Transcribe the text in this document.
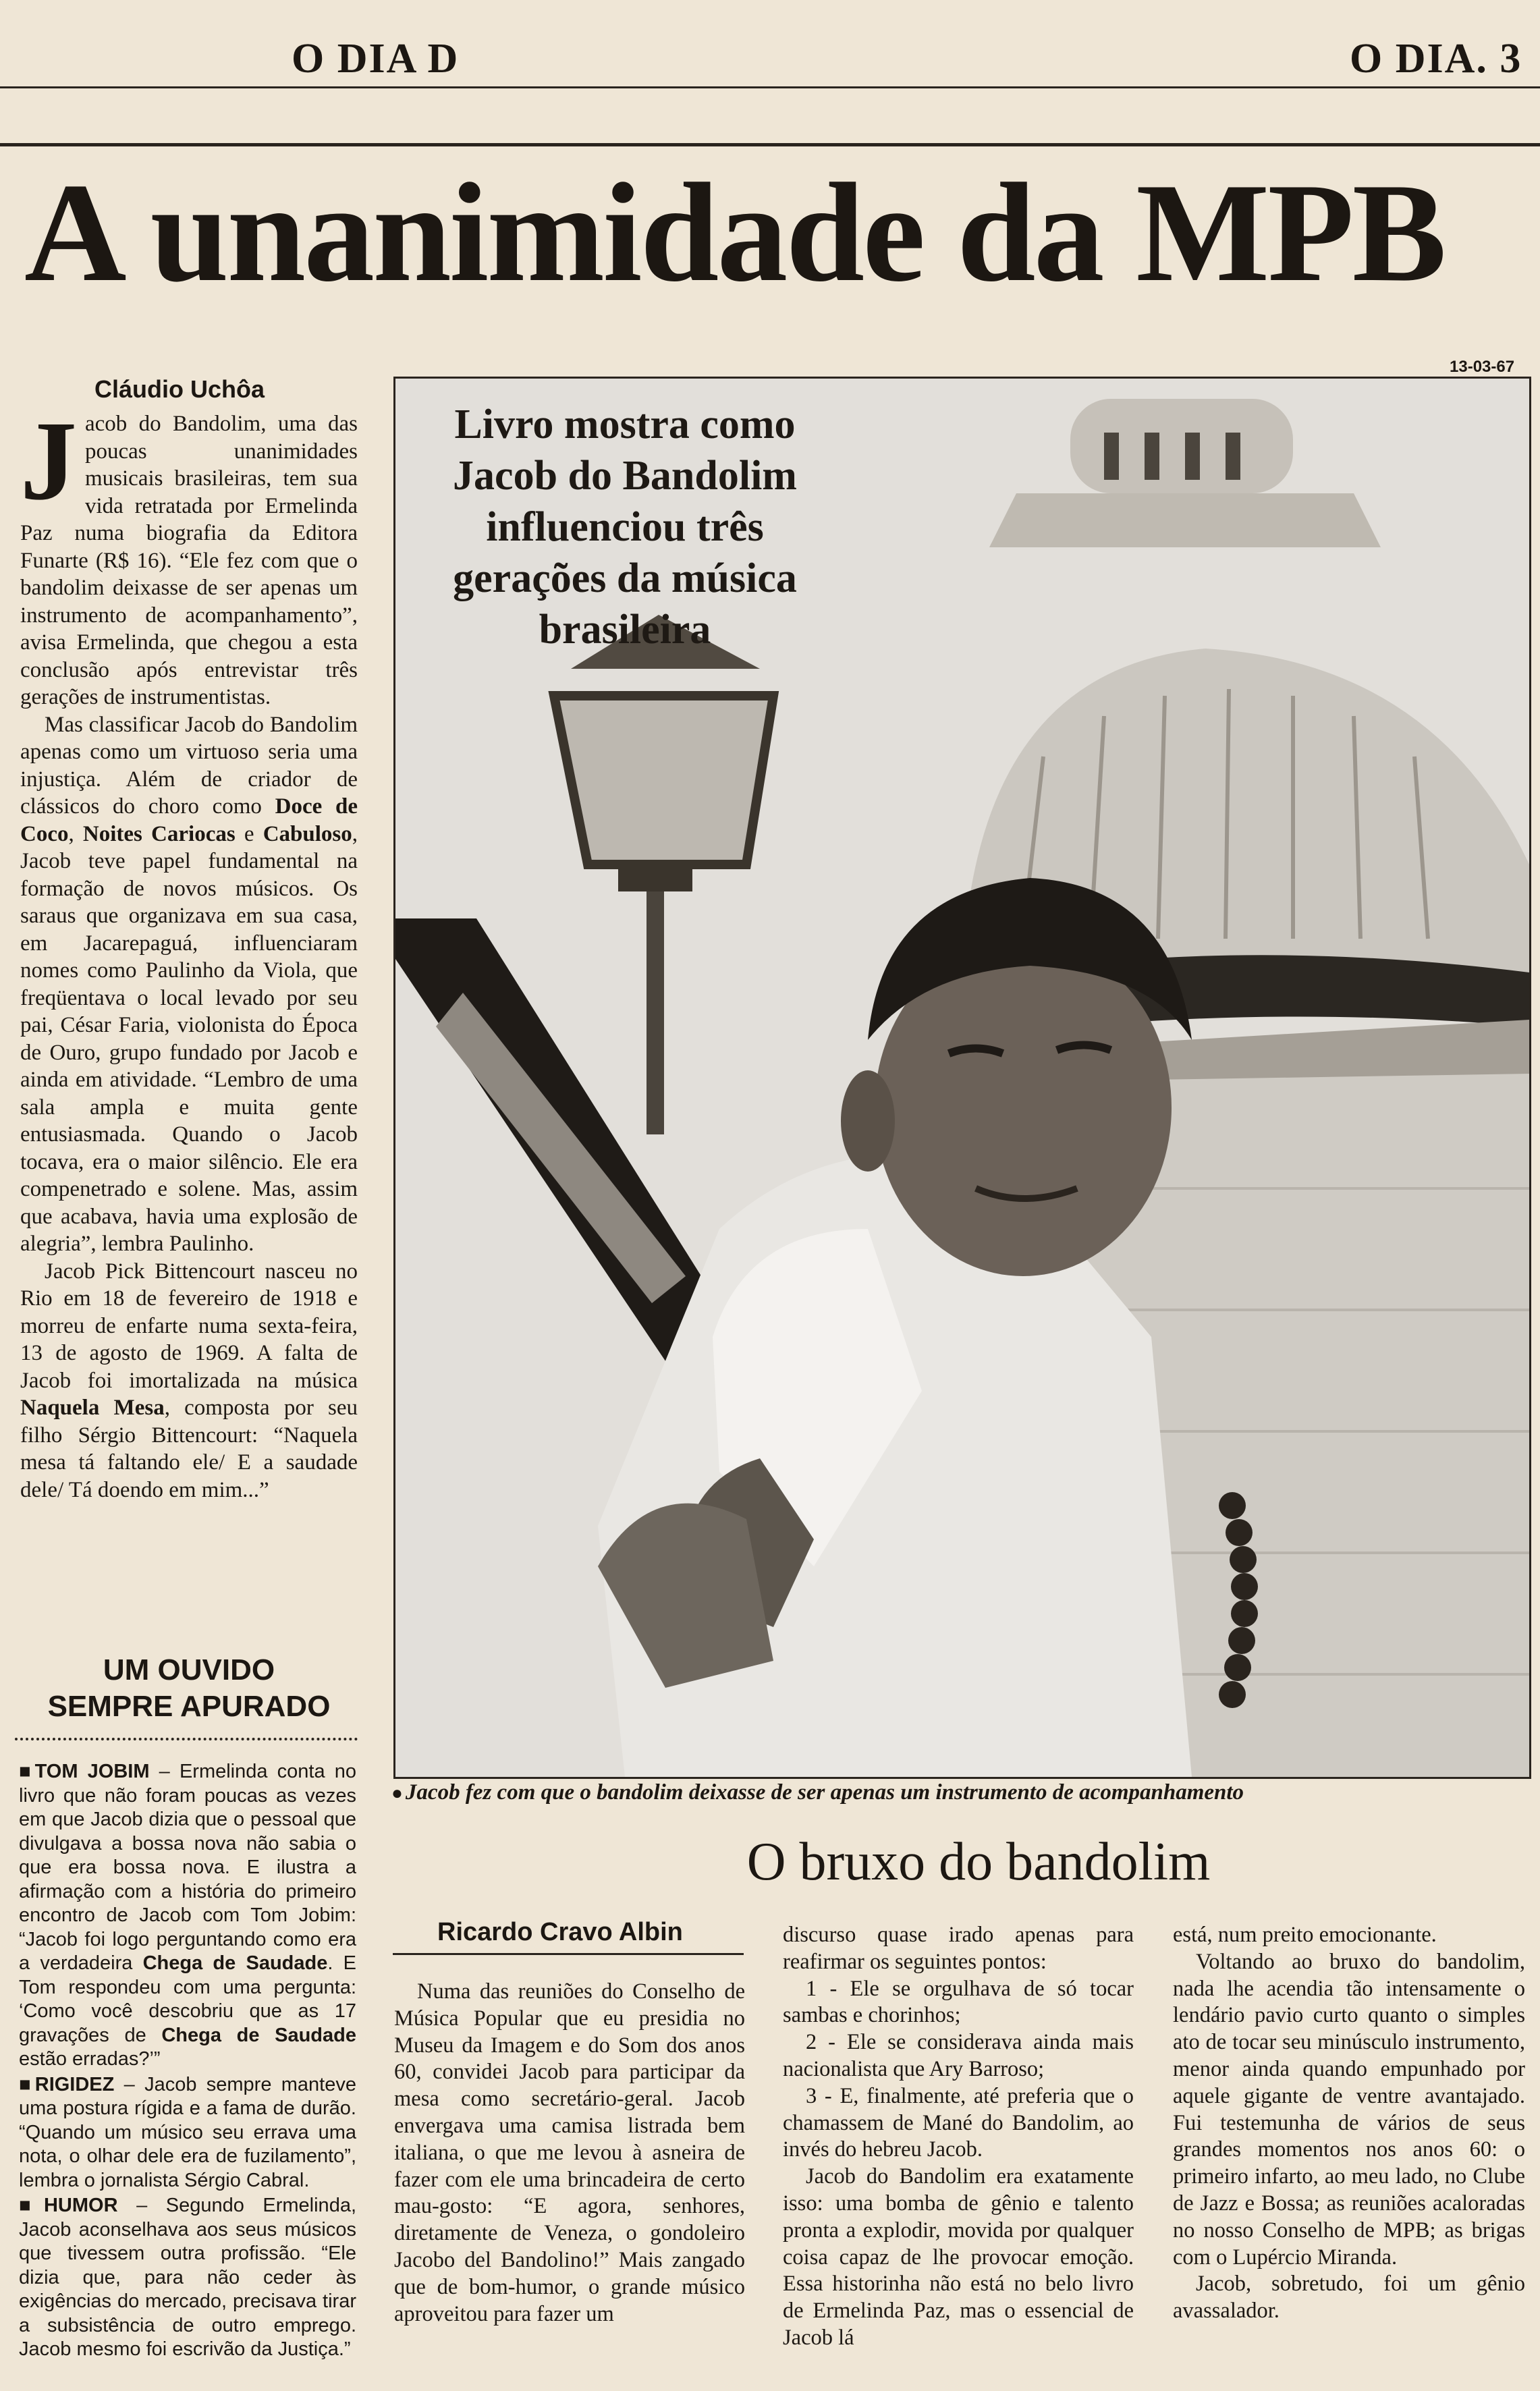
O DIA D	O DIA. 3
A unanimidade da MPB
Cláudio Uchôa

Jacob do Bandolim, uma das poucas unanimidades musicais brasileiras, tem sua vida retratada por Ermelinda Paz numa biografia da Editora Funarte (R$ 16). “Ele fez com que o bandolim deixasse de ser apenas um instrumento de acompanhamento”, avisa Ermelinda, que chegou a esta conclusão após entrevistar três gerações de instrumentistas.

Mas classificar Jacob do Bandolim apenas como um virtuoso seria uma injustiça. Além de criador de clássicos do choro como Doce de Coco, Noites Cariocas e Cabuloso, Jacob teve papel fundamental na formação de novos músicos. Os saraus que organizava em sua casa, em Jacarepaguá, influenciaram nomes como Paulinho da Viola, que freqüentava o local levado por seu pai, César Faria, violonista do Época de Ouro, grupo fundado por Jacob e ainda em atividade. “Lembro de uma sala ampla e muita gente entusiasmada. Quando o Jacob tocava, era o maior silêncio. Ele era compenetrado e solene. Mas, assim que acabava, havia uma explosão de alegria”, lembra Paulinho.

Jacob Pick Bittencourt nasceu no Rio em 18 de fevereiro de 1918 e morreu de enfarte numa sexta-feira, 13 de agosto de 1969. A falta de Jacob foi imortalizada na música Naquela Mesa, composta por seu filho Sérgio Bittencourt: “Naquela mesa tá faltando ele/ E a saudade dele/ Tá doendo em mim...”

UM OUVIDO
SEMPRE APURADO

■TOM JOBIM – Ermelinda conta no livro que não foram poucas as vezes em que Jacob dizia que o pessoal que divulgava a bossa nova não sabia o que era bossa nova. E ilustra a afirmação com a história do primeiro encontro de Jacob com Tom Jobim: “Jacob foi logo perguntando como era a verdadeira Chega de Saudade. E Tom respondeu com uma pergunta: ‘Como você descobriu que as 17 gravações de Chega de Saudade estão erradas?’”

■RIGIDEZ – Jacob sempre manteve uma postura rígida e a fama de durão. “Quando um músico seu errava uma nota, o olhar dele era de fuzilamento”, lembra o jornalista Sérgio Cabral.

■HUMOR – Segundo Ermelinda, Jacob aconselhava aos seus músicos que tivessem outra profissão. “Ele dizia que, para não ceder às exigências do mercado, precisava tirar a subsistência de outro emprego. Jacob mesmo foi escrivão da Justiça.”

13-03-67
Livro mostra como Jacob do Bandolim influenciou três gerações da música brasileira
● Jacob fez com que o bandolim deixasse de ser apenas um instrumento de acompanhamento
O bruxo do bandolim
Ricardo Cravo Albin

Numa das reuniões do Conselho de Música Popular que eu presidia no Museu da Imagem e do Som dos anos 60, convidei Jacob para participar da mesa como secretário-geral. Jacob envergava uma camisa listrada bem italiana, o que me levou à asneira de fazer com ele uma brincadeira de certo mau-gosto: “E agora, senhores, diretamente de Veneza, o gondoleiro Jacobo del Bandolino!” Mais zangado que de bom-humor, o grande músico aproveitou para fazer um

discurso quase irado apenas para reafirmar os seguintes pontos:

1 - Ele se orgulhava de só tocar sambas e chorinhos;

2 - Ele se considerava ainda mais nacionalista que Ary Barroso;

3 - E, finalmente, até preferia que o chamassem de Mané do Bandolim, ao invés do hebreu Jacob.

Jacob do Bandolim era exatamente isso: uma bomba de gênio e talento pronta a explodir, movida por qualquer coisa capaz de lhe provocar emoção. Essa historinha não está no belo livro de Ermelinda Paz, mas o essencial de Jacob lá

está, num preito emocionante.

Voltando ao bruxo do bandolim, nada lhe acendia tão intensamente o lendário pavio curto quanto o simples ato de tocar seu minúsculo instrumento, menor ainda quando empunhado por aquele gigante de ventre avantajado. Fui testemunha de vários de seus grandes momentos nos anos 60: o primeiro infarto, ao meu lado, no Clube de Jazz e Bossa; as reuniões acaloradas no nosso Conselho de MPB; as brigas com o Lupércio Miranda.

Jacob, sobretudo, foi um gênio avassalador.
